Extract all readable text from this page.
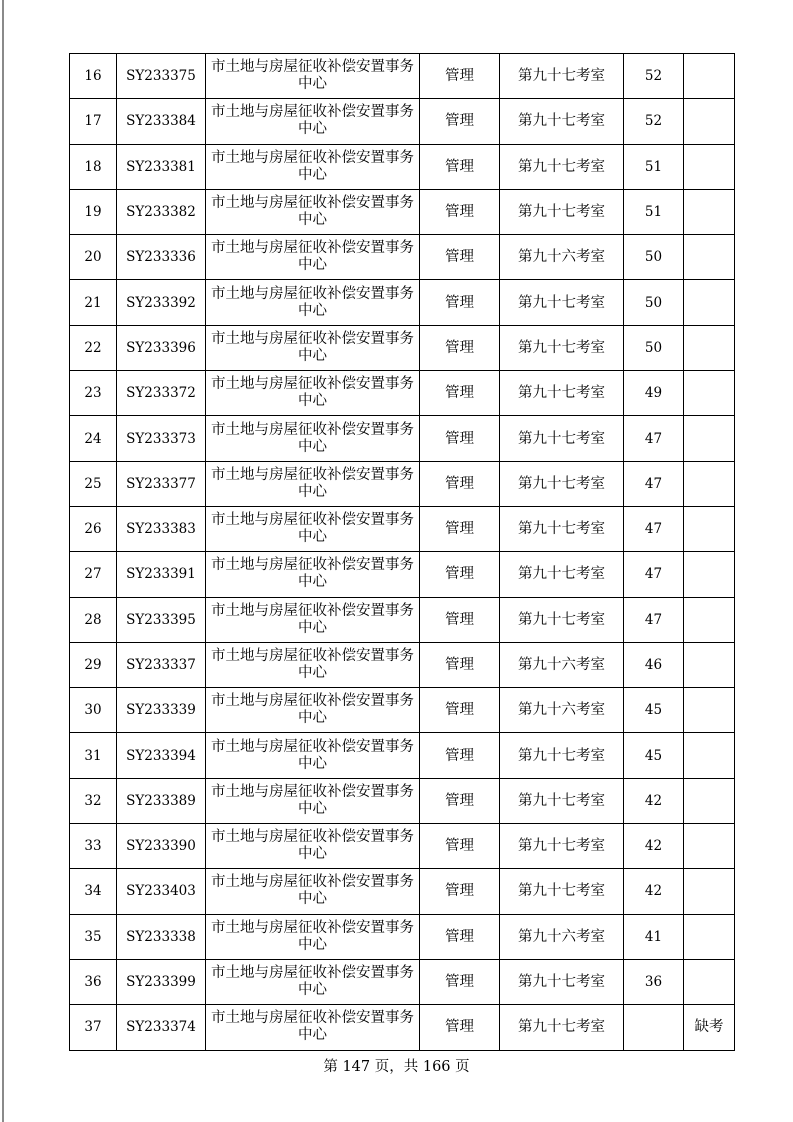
16	SY233375	市土地与房屋征收补偿安置事务中心	管理	第九十七考室	52	
17	SY233384	市土地与房屋征收补偿安置事务中心	管理	第九十七考室	52	
18	SY233381	市土地与房屋征收补偿安置事务中心	管理	第九十七考室	51	
19	SY233382	市土地与房屋征收补偿安置事务中心	管理	第九十七考室	51	
20	SY233336	市土地与房屋征收补偿安置事务中心	管理	第九十六考室	50	
21	SY233392	市土地与房屋征收补偿安置事务中心	管理	第九十七考室	50	
22	SY233396	市土地与房屋征收补偿安置事务中心	管理	第九十七考室	50	
23	SY233372	市土地与房屋征收补偿安置事务中心	管理	第九十七考室	49	
24	SY233373	市土地与房屋征收补偿安置事务中心	管理	第九十七考室	47	
25	SY233377	市土地与房屋征收补偿安置事务中心	管理	第九十七考室	47	
26	SY233383	市土地与房屋征收补偿安置事务中心	管理	第九十七考室	47	
27	SY233391	市土地与房屋征收补偿安置事务中心	管理	第九十七考室	47	
28	SY233395	市土地与房屋征收补偿安置事务中心	管理	第九十七考室	47	
29	SY233337	市土地与房屋征收补偿安置事务中心	管理	第九十六考室	46	
30	SY233339	市土地与房屋征收补偿安置事务中心	管理	第九十六考室	45	
31	SY233394	市土地与房屋征收补偿安置事务中心	管理	第九十七考室	45	
32	SY233389	市土地与房屋征收补偿安置事务中心	管理	第九十七考室	42	
33	SY233390	市土地与房屋征收补偿安置事务中心	管理	第九十七考室	42	
34	SY233403	市土地与房屋征收补偿安置事务中心	管理	第九十七考室	42	
35	SY233338	市土地与房屋征收补偿安置事务中心	管理	第九十六考室	41	
36	SY233399	市土地与房屋征收补偿安置事务中心	管理	第九十七考室	36	
37	SY233374	市土地与房屋征收补偿安置事务中心	管理	第九十七考室		缺考
第 147 页，共 166 页
